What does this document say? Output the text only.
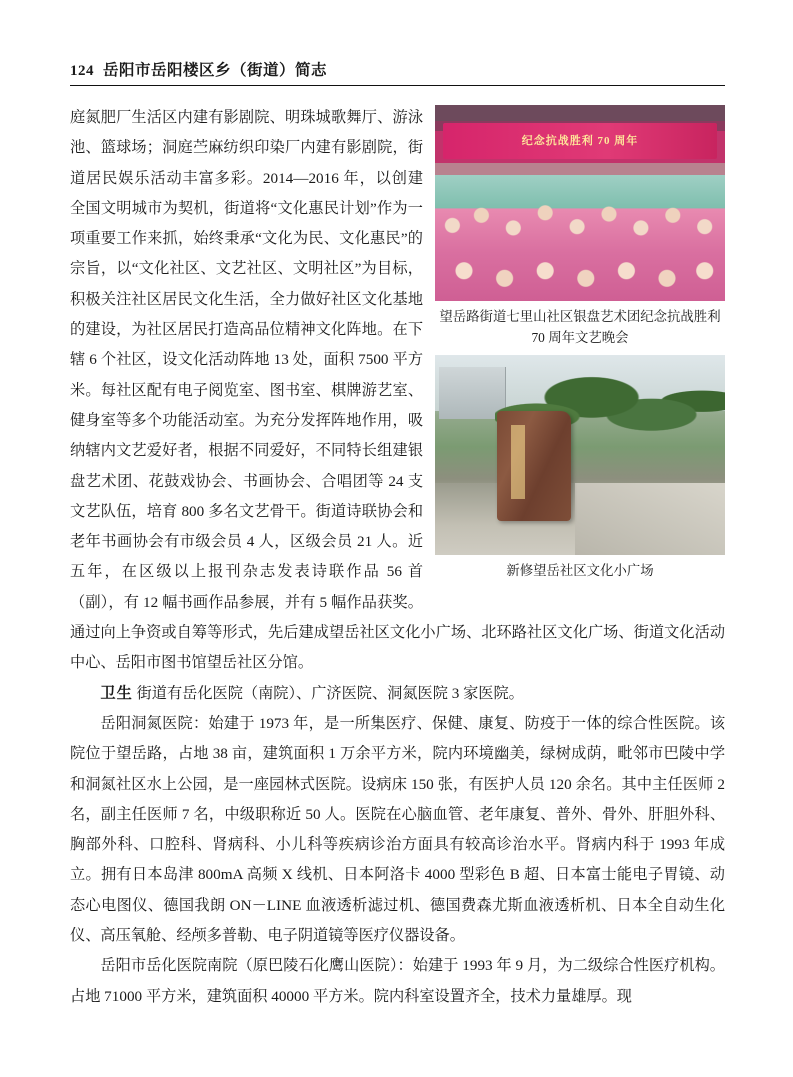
124 岳阳市岳阳楼区乡（街道）简志
纪念抗战胜利 70 周年
望岳路街道七里山社区银盘艺术团纪念抗战胜利 70 周年文艺晚会
新修望岳社区文化小广场

庭氮肥厂生活区内建有影剧院、明珠城歌舞厅、游泳池、篮球场；洞庭苎麻纺织印染厂内建有影剧院，街道居民娱乐活动丰富多彩。2014—2016 年，以创建全国文明城市为契机，街道将“文化惠民计划”作为一项重要工作来抓，始终秉承“文化为民、文化惠民”的宗旨，以“文化社区、文艺社区、文明社区”为目标，积极关注社区居民文化生活，全力做好社区文化基地的建设，为社区居民打造高品位精神文化阵地。在下辖 6 个社区，设文化活动阵地 13 处，面积 7500 平方米。每社区配有电子阅览室、图书室、棋牌游艺室、健身室等多个功能活动室。为充分发挥阵地作用，吸纳辖内文艺爱好者，根据不同爱好，不同特长组建银盘艺术团、花鼓戏协会、书画协会、合唱团等 24 支文艺队伍，培育 800 多名文艺骨干。街道诗联协会和老年书画协会有市级会员 4 人，区级会员 21 人。近五年，在区级以上报刊杂志发表诗联作品 56 首（副），有 12 幅书画作品参展，并有 5 幅作品获奖。通过向上争资或自筹等形式，先后建成望岳社区文化小广场、北环路社区文化广场、街道文化活动中心、岳阳市图书馆望岳社区分馆。

卫生 街道有岳化医院（南院）、广济医院、洞氮医院 3 家医院。

岳阳洞氮医院：始建于 1973 年，是一所集医疗、保健、康复、防疫于一体的综合性医院。该院位于望岳路，占地 38 亩，建筑面积 1 万余平方米，院内环境幽美，绿树成荫，毗邻市巴陵中学和洞氮社区水上公园，是一座园林式医院。设病床 150 张，有医护人员 120 余名。其中主任医师 2 名，副主任医师 7 名，中级职称近 50 人。医院在心脑血管、老年康复、普外、骨外、肝胆外科、胸部外科、口腔科、肾病科、小儿科等疾病诊治方面具有较高诊治水平。肾病内科于 1993 年成立。拥有日本岛津 800mA 高频 X 线机、日本阿洛卡 4000 型彩色 B 超、日本富士能电子胃镜、动态心电图仪、德国我朗 ON－LINE 血液透析滤过机、德国费森尤斯血液透析机、日本全自动生化仪、高压氧舱、经颅多普勒、电子阴道镜等医疗仪器设备。

岳阳市岳化医院南院（原巴陵石化鹰山医院）：始建于 1993 年 9 月，为二级综合性医疗机构。占地 71000 平方米，建筑面积 40000 平方米。院内科室设置齐全，技术力量雄厚。现
